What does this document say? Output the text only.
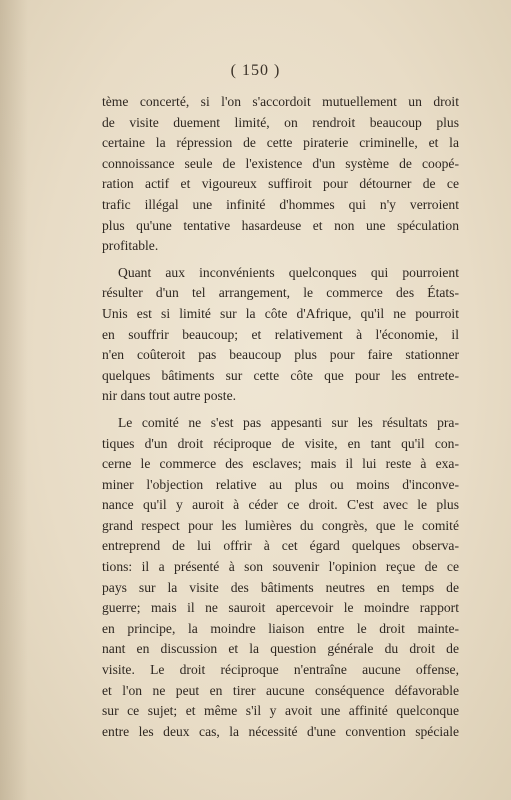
( 150 )
tème concerté, si l'on s'accordoit mutuellement un droit
de visite duement limité, on rendroit beaucoup plus
certaine la répression de cette piraterie criminelle, et la
connoissance seule de l'existence d'un système de coopé-
ration actif et vigoureux suffiroit pour détourner de ce
trafic illégal une infinité d'hommes qui n'y verroient
plus qu'une tentative hasardeuse et non une spéculation
profitable.
Quant aux inconvénients quelconques qui pourroient
résulter d'un tel arrangement, le commerce des États-
Unis est si limité sur la côte d'Afrique, qu'il ne pourroit
en souffrir beaucoup; et relativement à l'économie, il
n'en coûteroit pas beaucoup plus pour faire stationner
quelques bâtiments sur cette côte que pour les entrete-
nir dans tout autre poste.
Le comité ne s'est pas appesanti sur les résultats pra-
tiques d'un droit réciproque de visite, en tant qu'il con-
cerne le commerce des esclaves; mais il lui reste à exa-
miner l'objection relative au plus ou moins d'inconve-
nance qu'il y auroit à céder ce droit. C'est avec le plus
grand respect pour les lumières du congrès, que le comité
entreprend de lui offrir à cet égard quelques observa-
tions: il a présenté à son souvenir l'opinion reçue de ce
pays sur la visite des bâtiments neutres en temps de
guerre; mais il ne sauroit apercevoir le moindre rapport
en principe, la moindre liaison entre le droit mainte-
nant en discussion et la question générale du droit de
visite. Le droit réciproque n'entraîne aucune offense,
et l'on ne peut en tirer aucune conséquence défavorable
sur ce sujet; et même s'il y avoit une affinité quelconque
entre les deux cas, la nécessité d'une convention spéciale
